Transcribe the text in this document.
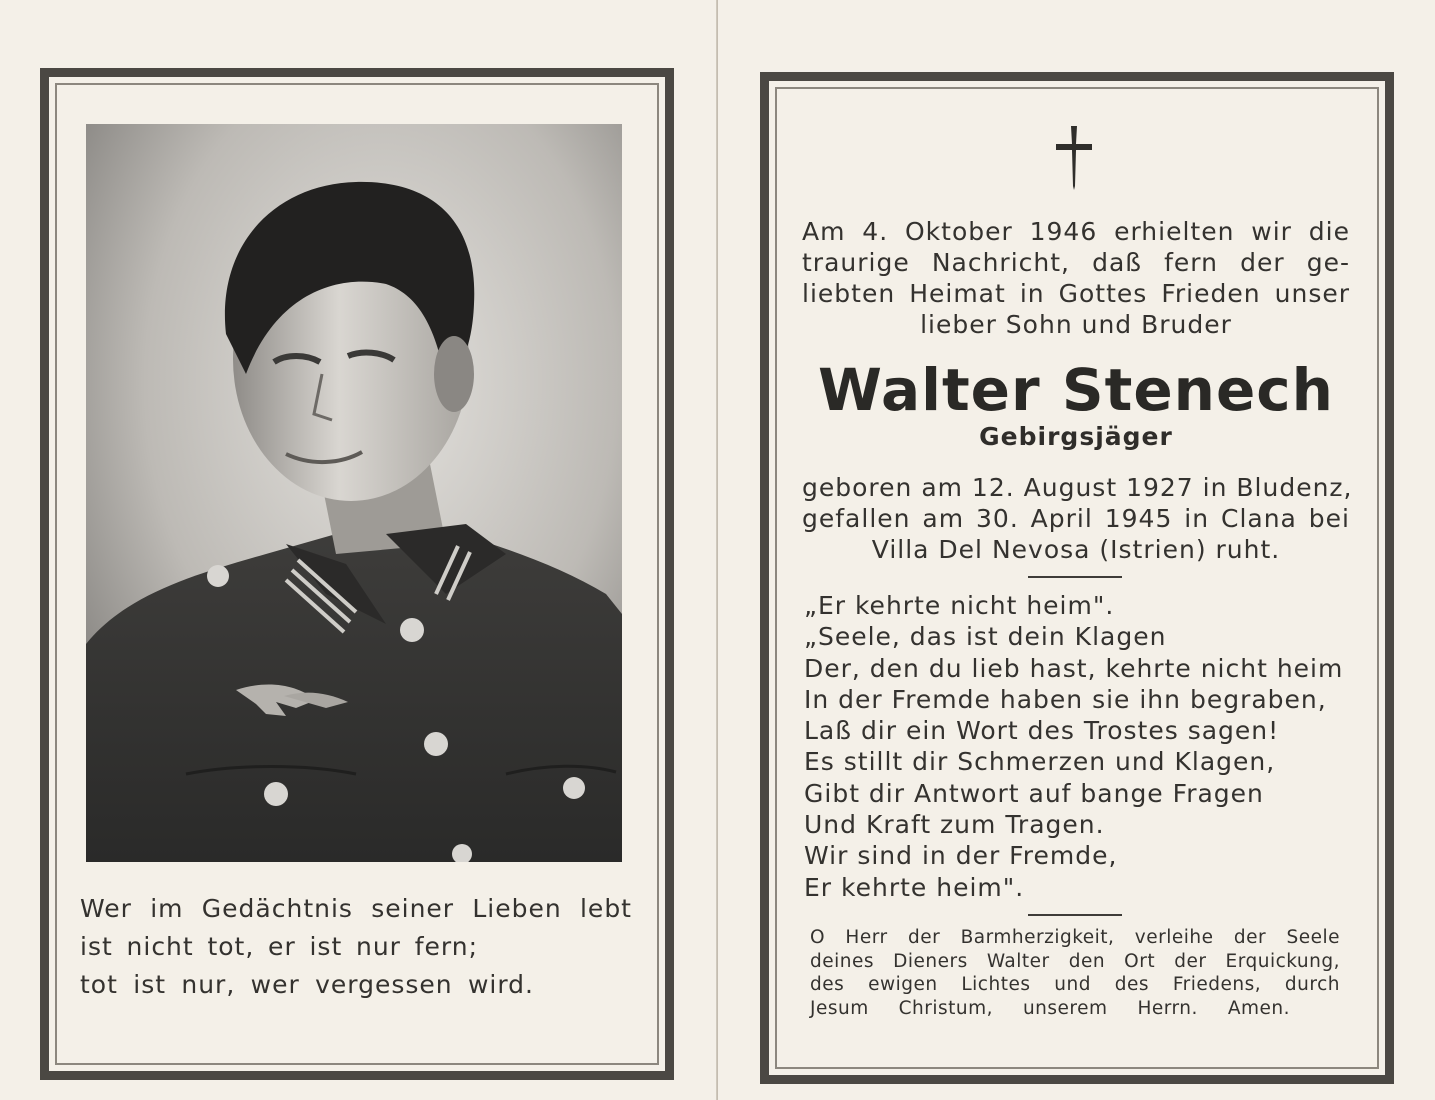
Wer im Gedächtnis seiner Lieben lebt
ist nicht tot, er ist nur fern;
tot ist nur, wer vergessen wird.
Am 4. Oktober 1946 erhielten wir die
traurige Nachricht, daß fern der ge-
liebten Heimat in Gottes Frieden unser
lieber Sohn und Bruder
Walter Stenech
Gebirgsjäger
geboren am 12. August 1927 in Bludenz,
gefallen am 30. April 1945 in Clana bei
Villa Del Nevosa (Istrien) ruht.
„Er kehrte nicht heim".
„Seele, das ist dein Klagen
Der, den du lieb hast, kehrte nicht heim
In der Fremde haben sie ihn begraben,
Laß dir ein Wort des Trostes sagen!
Es stillt dir Schmerzen und Klagen,
Gibt dir Antwort auf bange Fragen
Und Kraft zum Tragen.
Wir sind in der Fremde,
Er kehrte heim".
O Herr der Barmherzigkeit, verleihe der Seele
deines Dieners Walter den Ort der Erquickung,
des ewigen Lichtes und des Friedens, durch
Jesum Christum, unserem Herrn. Amen.
